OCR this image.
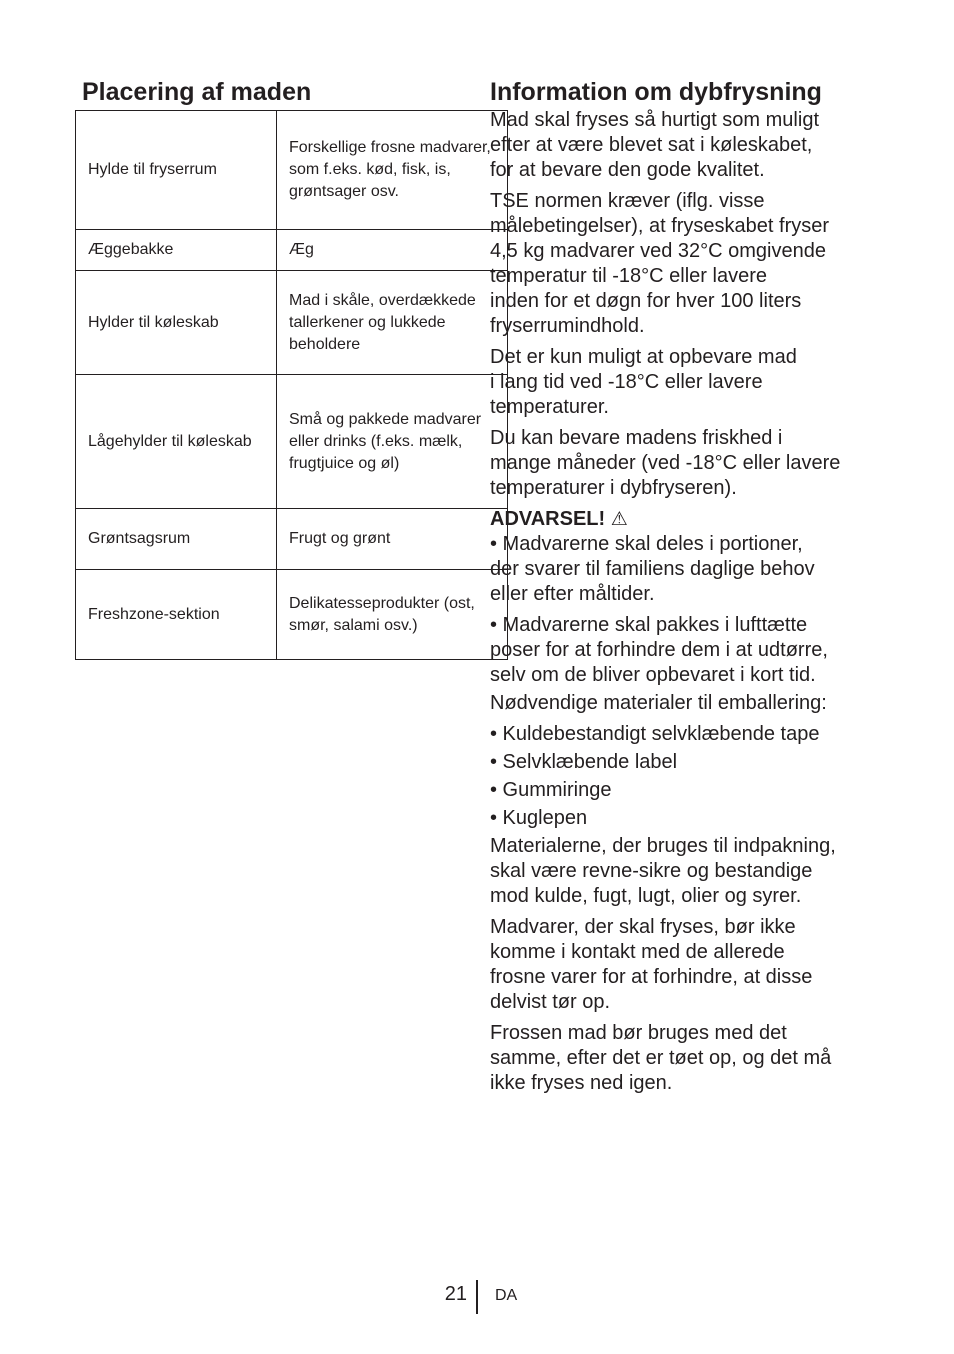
Placering af maden
Hylde til fryserrum	Forskellige frosne madvarer, som f.eks. kød, fisk, is, grøntsager osv.
Æggebakke	Æg
Hylder til køleskab	Mad i skåle, overdækkede tallerkener og lukkede beholdere
Lågehylder til køleskab	Små og pakkede madvarer eller drinks (f.eks. mælk, frugtjuice og øl)
Grøntsagsrum	Frugt og grønt
Freshzone-sektion	Delikatesseprodukter (ost, smør, salami osv.)
Information om dybfrysning

Mad skal fryses så hurtigt som muligt
efter at være blevet sat i køleskabet,
for at bevare den gode kvalitet.

TSE normen kræver (iflg. visse
målebetingelser), at fryseskabet fryser
4,5 kg madvarer ved 32°C omgivende
temperatur til -18°C eller lavere
inden for et døgn for hver 100 liters
fryserrumindhold.

Det er kun muligt at opbevare mad
i lang tid ved -18°C eller lavere
temperaturer.

Du kan bevare madens friskhed i
mange måneder (ved -18°C eller lavere
temperaturer i dybfryseren).

ADVARSEL! ⚠

• Madvarerne skal deles i portioner,
der svarer til familiens daglige behov
eller efter måltider.

• Madvarerne skal pakkes i lufttætte
poser for at forhindre dem i at udtørre,
selv om de bliver opbevaret i kort tid.

Nødvendige materialer til emballering:

• Kuldebestandigt selvklæbende tape

• Selvklæbende label

• Gummiringe

• Kuglepen

Materialerne, der bruges til indpakning,
skal være revne-sikre og bestandige
mod kulde, fugt, lugt, olier og syrer.

Madvarer, der skal fryses, bør ikke
komme i kontakt med de allerede
frosne varer for at forhindre, at disse
delvist tør op.

Frossen mad bør bruges med det
samme, efter det er tøet op, og det må
ikke fryses ned igen.

21 DA
